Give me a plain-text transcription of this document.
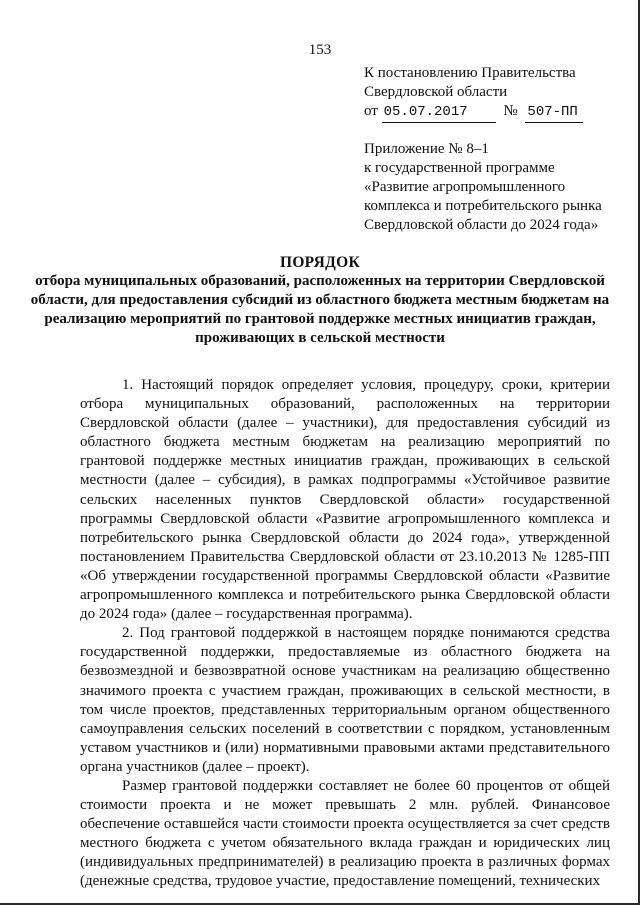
153
К постановлению Правительства
Свердловской области
от 05.07.2017 № 507-ПП
Приложение № 8–1
к государственной программе
«Развитие агропромышленного
комплекса и потребительского рынка
Свердловской области до 2024 года»
ПОРЯДОК
отбора муниципальных образований, расположенных на территории Свердловской области, для предоставления субсидий из областного бюджета местным бюджетам на реализацию мероприятий по грантовой поддержке местных инициатив граждан, проживающих в сельской местности

1. Настоящий порядок определяет условия, процедуру, сроки, критерии отбора муниципальных образований, расположенных на территории Свердловской области (далее – участники), для предоставления субсидий из областного бюджета местным бюджетам на реализацию мероприятий по грантовой поддержке местных инициатив граждан, проживающих в сельской местности (далее – субсидия), в рамках подпрограммы «Устойчивое развитие сельских населенных пунктов Свердловской области» государственной программы Свердловской области «Развитие агропромышленного комплекса и потребительского рынка Свердловской области до 2024 года», утвержденной постановлением Правительства Свердловской области от 23.10.2013 № 1285-ПП «Об утверждении государственной программы Свердловской области «Развитие агропромышленного комплекса и потребительского рынка Свердловской области до 2024 года» (далее – государственная программа).

2. Под грантовой поддержкой в настоящем порядке понимаются средства государственной поддержки, предоставляемые из областного бюджета на безвозмездной и безвозвратной основе участникам на реализацию общественно значимого проекта с участием граждан, проживающих в сельской местности, в том числе проектов, представленных территориальным органом общественного самоуправления сельских поселений в соответствии с порядком, установленным уставом участников и (или) нормативными правовыми актами представительного органа участников (далее – проект).

Размер грантовой поддержки составляет не более 60 процентов от общей стоимости проекта и не может превышать 2 млн. рублей. Финансовое обеспечение оставшейся части стоимости проекта осуществляется за счет средств местного бюджета с учетом обязательного вклада граждан и юридических лиц (индивидуальных предпринимателей) в реализацию проекта в различных формах (денежные средства, трудовое участие, предоставление помещений, технических
